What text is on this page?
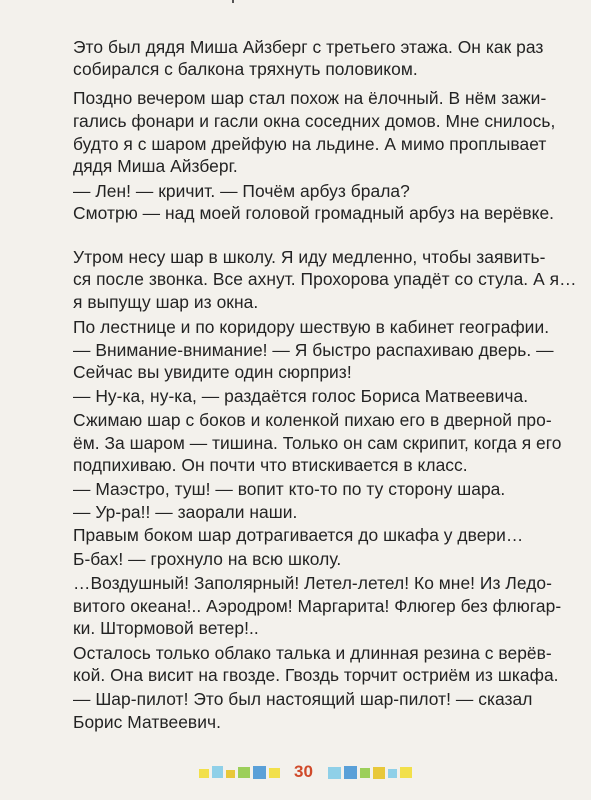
Это был дядя Миша Айзберг с третьего этажа. Он как раз
собирался с балкона тряхнуть половиком.
Поздно вечером шар стал похож на ёлочный. В нём зажи-
гались фонари и гасли окна соседних домов. Мне снилось,
будто я с шаром дрейфую на льдине. А мимо проплывает
дядя Миша Айзберг.
— Лен! — кричит. — Почём арбуз брала?
Смотрю — над моей головой громадный арбуз на верёвке.
Утром несу шар в школу. Я иду медленно, чтобы заявить-
ся после звонка. Все ахнут. Прохорова упадёт со стула. А я…
я выпущу шар из окна.
По лестнице и по коридору шествую в кабинет географии.
— Внимание-внимание! — Я быстро распахиваю дверь. —
Сейчас вы увидите один сюрприз!
— Ну-ка, ну-ка, — раздаётся голос Бориса Матвеевича.
Сжимаю шар с боков и коленкой пихаю его в дверной про-
ём. За шаром — тишина. Только он сам скрипит, когда я его
подпихиваю. Он почти что втискивается в класс.
— Маэстро, туш! — вопит кто-то по ту сторону шара.
— Ур-ра!! — заорали наши.
Правым боком шар дотрагивается до шкафа у двери…
Б-бах! — грохнуло на всю школу.
…Воздушный! Заполярный! Летел-летел! Ко мне! Из Ледо-
витого океана!.. Аэродром! Маргарита! Флюгер без флюгар-
ки. Штормовой ветер!..
Осталось только облако талька и длинная резина с верёв-
кой. Она висит на гвозде. Гвоздь торчит остриём из шкафа.
— Шар-пилот! Это был настоящий шар-пилот! — сказал
Борис Матвеевич.
30
